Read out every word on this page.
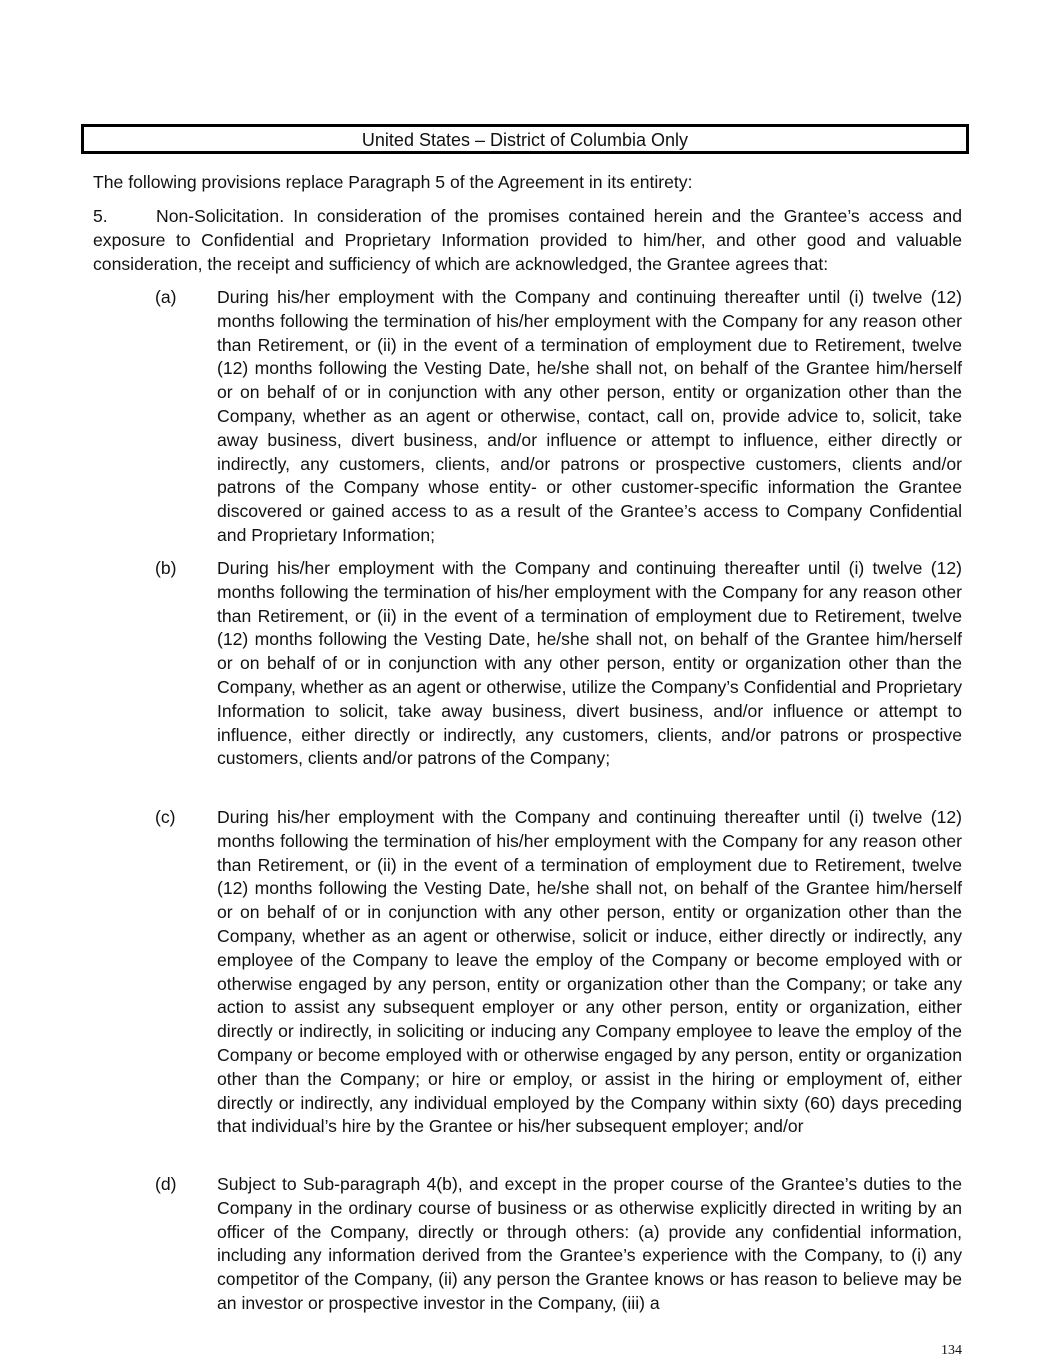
United States – District of Columbia Only
The following provisions replace Paragraph 5 of the Agreement in its entirety:
5.	Non-Solicitation. In consideration of the promises contained herein and the Grantee’s access and exposure to Confidential and Proprietary Information provided to him/her, and other good and valuable consideration, the receipt and sufficiency of which are acknowledged, the Grantee agrees that:
(a) During his/her employment with the Company and continuing thereafter until (i) twelve (12) months following the termination of his/her employment with the Company for any reason other than Retirement, or (ii) in the event of a termination of employment due to Retirement, twelve (12) months following the Vesting Date, he/she shall not, on behalf of the Grantee him/herself or on behalf of or in conjunction with any other person, entity or organization other than the Company, whether as an agent or otherwise, contact, call on, provide advice to, solicit, take away business, divert business, and/or influence or attempt to influence, either directly or indirectly, any customers, clients, and/or patrons or prospective customers, clients and/or patrons of the Company whose entity- or other customer-specific information the Grantee discovered or gained access to as a result of the Grantee’s access to Company Confidential and Proprietary Information;
(b) During his/her employment with the Company and continuing thereafter until (i) twelve (12) months following the termination of his/her employment with the Company for any reason other than Retirement, or (ii) in the event of a termination of employment due to Retirement, twelve (12) months following the Vesting Date, he/she shall not, on behalf of the Grantee him/herself or on behalf of or in conjunction with any other person, entity or organization other than the Company, whether as an agent or otherwise, utilize the Company’s Confidential and Proprietary Information to solicit, take away business, divert business, and/or influence or attempt to influence, either directly or indirectly, any customers, clients, and/or patrons or prospective customers, clients and/or patrons of the Company;
(c) During his/her employment with the Company and continuing thereafter until (i) twelve (12) months following the termination of his/her employment with the Company for any reason other than Retirement, or (ii) in the event of a termination of employment due to Retirement, twelve (12) months following the Vesting Date, he/she shall not, on behalf of the Grantee him/herself or on behalf of or in conjunction with any other person, entity or organization other than the Company, whether as an agent or otherwise, solicit or induce, either directly or indirectly, any employee of the Company to leave the employ of the Company or become employed with or otherwise engaged by any person, entity or organization other than the Company; or take any action to assist any subsequent employer or any other person, entity or organization, either directly or indirectly, in soliciting or inducing any Company employee to leave the employ of the Company or become employed with or otherwise engaged by any person, entity or organization other than the Company; or hire or employ, or assist in the hiring or employment of, either directly or indirectly, any individual employed by the Company within sixty (60) days preceding that individual’s hire by the Grantee or his/her subsequent employer; and/or
(d) Subject to Sub-paragraph 4(b), and except in the proper course of the Grantee’s duties to the Company in the ordinary course of business or as otherwise explicitly directed in writing by an officer of the Company, directly or through others: (a) provide any confidential information, including any information derived from the Grantee’s experience with the Company, to (i) any competitor of the Company, (ii) any person the Grantee knows or has reason to believe may be an investor or prospective investor in the Company, (iii) a
134
